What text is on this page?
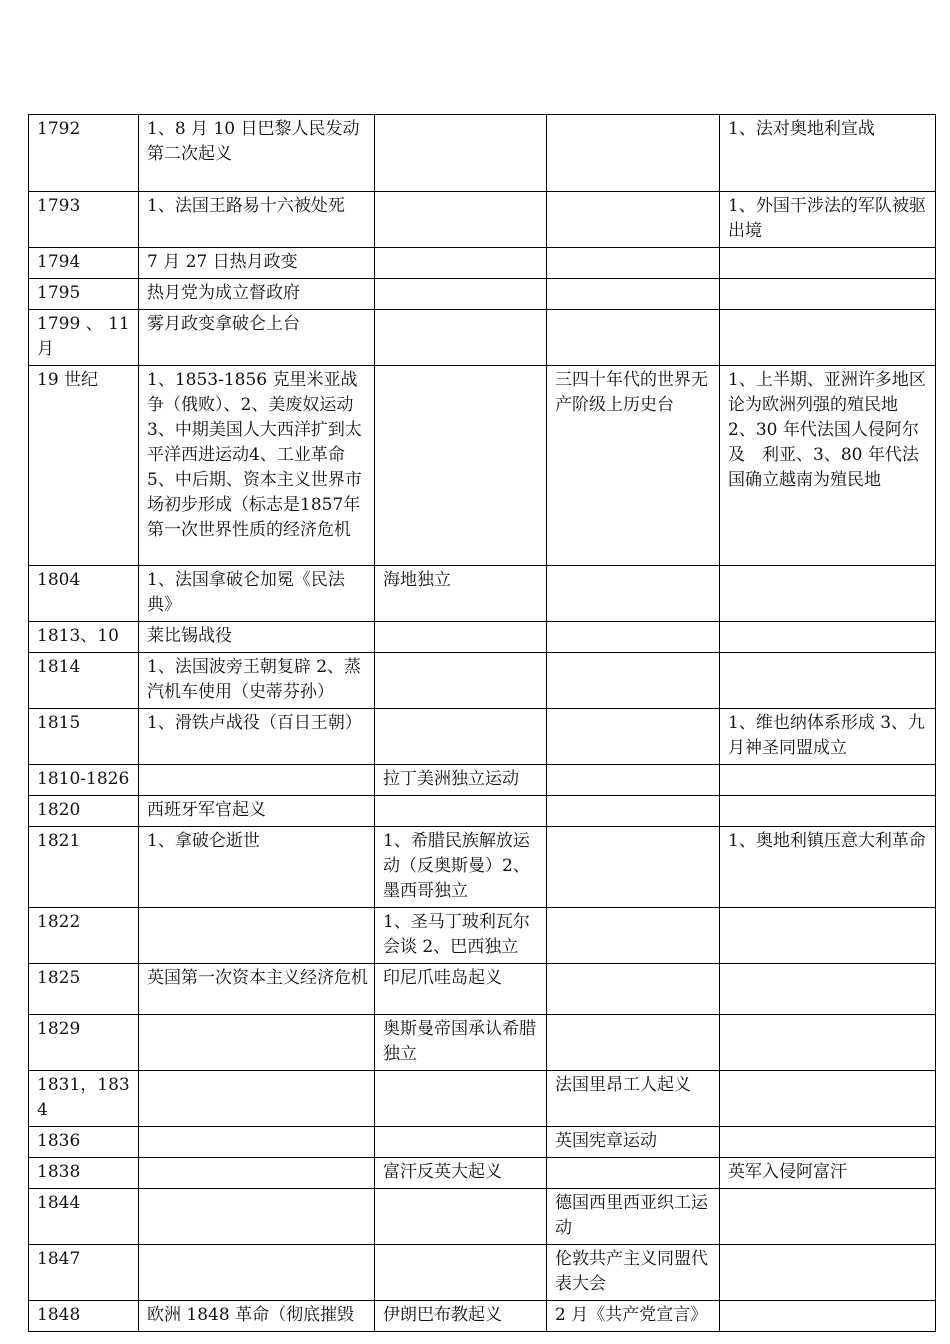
1792	1、8 月 10 日巴黎人民发动第二次起义			1、法对奥地利宣战
1793	1、法国王路易十六被处死			1、外国干涉法的军队被驱出境
1794	7 月 27 日热月政变			
1795	热月党为成立督政府			
1799 、 11月	雾月政变拿破仑上台			
19 世纪	1、1853-1856 克里米亚战争（俄败）、2、美废奴运动 3、中期美国人大西洋扩到太平洋西进运动4、工业革命 5、中后期、资本主义世界市场初步形成（标志是1857年第一次世界性质的经济危机		三四十年代的世界无产阶级上历史台	1、上半期、亚洲许多地区论为欧洲列强的殖民地 2、30 年代法国人侵阿尔及　利亚、3、80 年代法国确立越南为殖民地
1804	1、法国拿破仑加冕《民法典》	海地独立		
1813、10	莱比锡战役			
1814	1、法国波旁王朝复辟 2、蒸汽机车使用（史蒂芬孙）			
1815	1、滑铁卢战役（百日王朝）			1、维也纳体系形成 3、九月神圣同盟成立
1810-1826		拉丁美洲独立运动		
1820	西班牙军官起义			
1821	1、拿破仑逝世	1、希腊民族解放运动（反奥斯曼）2、墨西哥独立		1、奥地利镇压意大利革命
1822		1、圣马丁玻利瓦尔会谈 2、巴西独立		
1825	英国第一次资本主义经济危机	印尼爪哇岛起义		
1829		奥斯曼帝国承认希腊独立		
1831，1834			法国里昂工人起义	
1836			英国宪章运动	
1838		富汗反英大起义		英军入侵阿富汗
1844			德国西里西亚织工运动	
1847			伦敦共产主义同盟代表大会	
1848	欧洲 1848 革命（彻底摧毁	伊朗巴布教起义	2 月《共产党宣言》	
